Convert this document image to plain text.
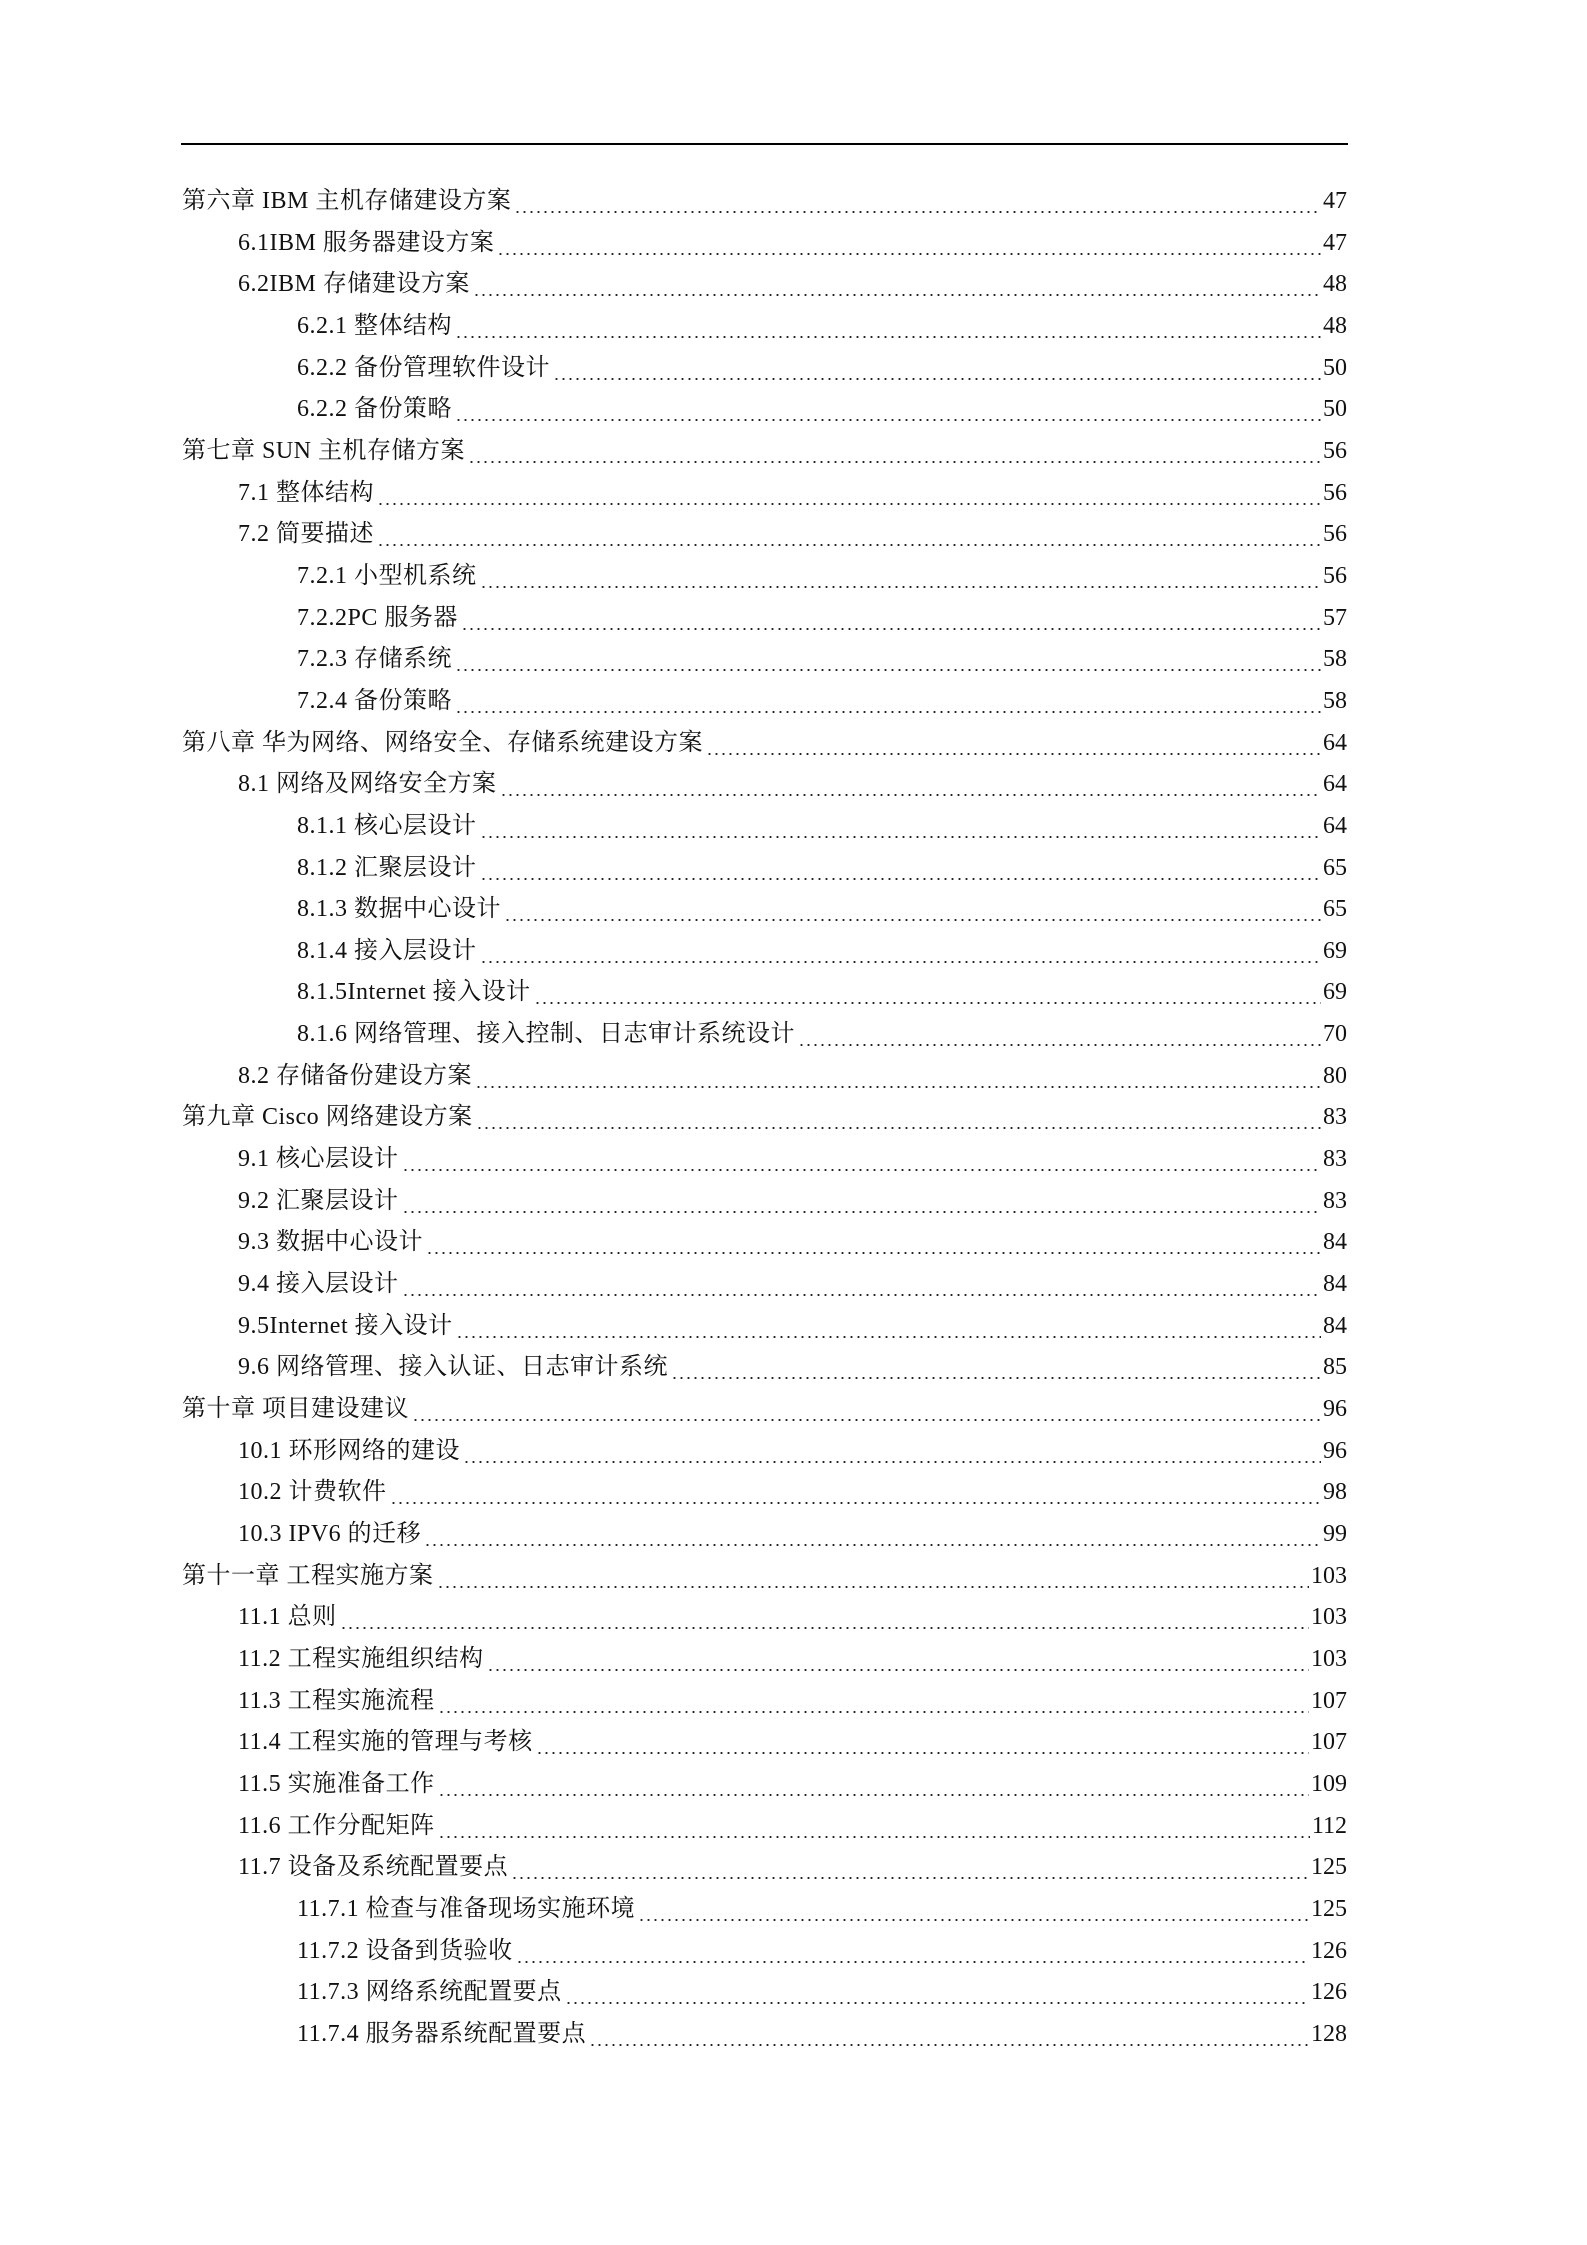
第六章 IBM 主机存储建设方案	47
6.1IBM 服务器建设方案	47
6.2IBM 存储建设方案	48
6.2.1 整体结构	48
6.2.2 备份管理软件设计	50
6.2.2 备份策略	50
第七章 SUN 主机存储方案	56
7.1 整体结构	56
7.2 简要描述	56
7.2.1 小型机系统	56
7.2.2PC 服务器	57
7.2.3 存储系统	58
7.2.4 备份策略	58
第八章 华为网络、网络安全、存储系统建设方案	64
8.1 网络及网络安全方案	64
8.1.1 核心层设计	64
8.1.2 汇聚层设计	65
8.1.3 数据中心设计	65
8.1.4 接入层设计	69
8.1.5Internet 接入设计	69
8.1.6 网络管理、接入控制、日志审计系统设计	70
8.2 存储备份建设方案	80
第九章 Cisco 网络建设方案	83
9.1 核心层设计	83
9.2 汇聚层设计	83
9.3 数据中心设计	84
9.4 接入层设计	84
9.5Internet 接入设计	84
9.6 网络管理、接入认证、日志审计系统	85
第十章 项目建设建议	96
10.1 环形网络的建设	96
10.2 计费软件	98
10.3 IPV6 的迁移	99
第十一章 工程实施方案	103
11.1 总则	103
11.2 工程实施组织结构	103
11.3 工程实施流程	107
11.4 工程实施的管理与考核	107
11.5 实施准备工作	109
11.6 工作分配矩阵	112
11.7 设备及系统配置要点	125
11.7.1 检查与准备现场实施环境	125
11.7.2 设备到货验收	126
11.7.3 网络系统配置要点	126
11.7.4 服务器系统配置要点	128
